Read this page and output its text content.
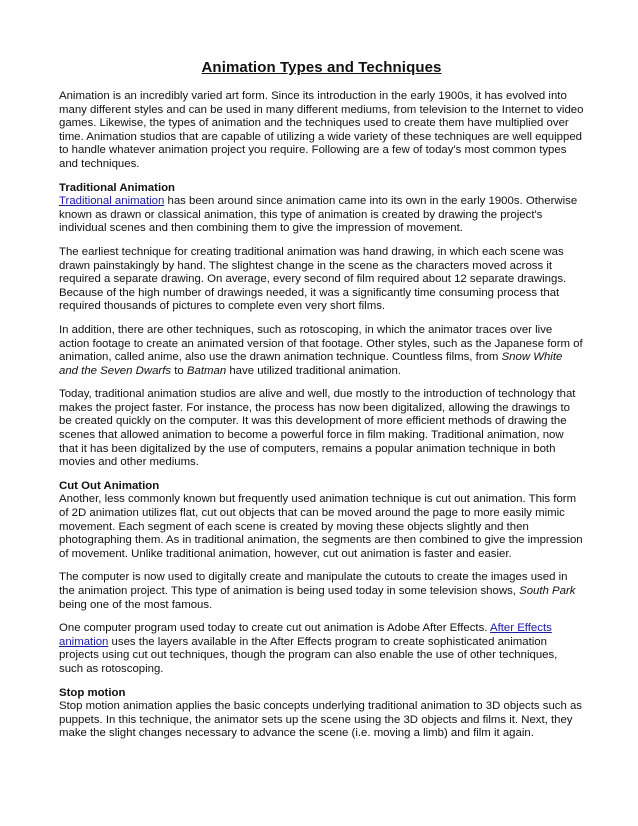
Animation Types and Techniques

Animation is an incredibly varied art form. Since its introduction in the early 1900s, it has evolved into many different styles and can be used in many different mediums, from television to the Internet to video games. Likewise, the types of animation and the techniques used to create them have multiplied over time. Animation studios that are capable of utilizing a wide variety of these techniques are well equipped to handle whatever animation project you require. Following are a few of today's most common types and techniques.

Traditional Animation
Traditional animation has been around since animation came into its own in the early 1900s. Otherwise known as drawn or classical animation, this type of animation is created by drawing the project's individual scenes and then combining them to give the impression of movement.

The earliest technique for creating traditional animation was hand drawing, in which each scene was drawn painstakingly by hand. The slightest change in the scene as the characters moved across it required a separate drawing. On average, every second of film required about 12 separate drawings. Because of the high number of drawings needed, it was a significantly time consuming process that required thousands of pictures to complete even very short films.

In addition, there are other techniques, such as rotoscoping, in which the animator traces over live action footage to create an animated version of that footage. Other styles, such as the Japanese form of animation, called anime, also use the drawn animation technique. Countless films, from Snow White and the Seven Dwarfs to Batman have utilized traditional animation.

Today, traditional animation studios are alive and well, due mostly to the introduction of technology that makes the project faster. For instance, the process has now been digitalized, allowing the drawings to be created quickly on the computer. It was this development of more efficient methods of drawing the scenes that allowed animation to become a powerful force in film making. Traditional animation, now that it has been digitalized by the use of computers, remains a popular animation technique in both movies and other mediums.

Cut Out Animation
Another, less commonly known but frequently used animation technique is cut out animation. This form of 2D animation utilizes flat, cut out objects that can be moved around the page to more easily mimic movement. Each segment of each scene is created by moving these objects slightly and then photographing them. As in traditional animation, the segments are then combined to give the impression of movement. Unlike traditional animation, however, cut out animation is faster and easier.

The computer is now used to digitally create and manipulate the cutouts to create the images used in the animation project. This type of animation is being used today in some television shows, South Park being one of the most famous.

One computer program used today to create cut out animation is Adobe After Effects. After Effects animation uses the layers available in the After Effects program to create sophisticated animation projects using cut out techniques, though the program can also enable the use of other techniques, such as rotoscoping.

Stop motion
Stop motion animation applies the basic concepts underlying traditional animation to 3D objects such as puppets. In this technique, the animator sets up the scene using the 3D objects and films it. Next, they make the slight changes necessary to advance the scene (i.e. moving a limb) and film it again.
